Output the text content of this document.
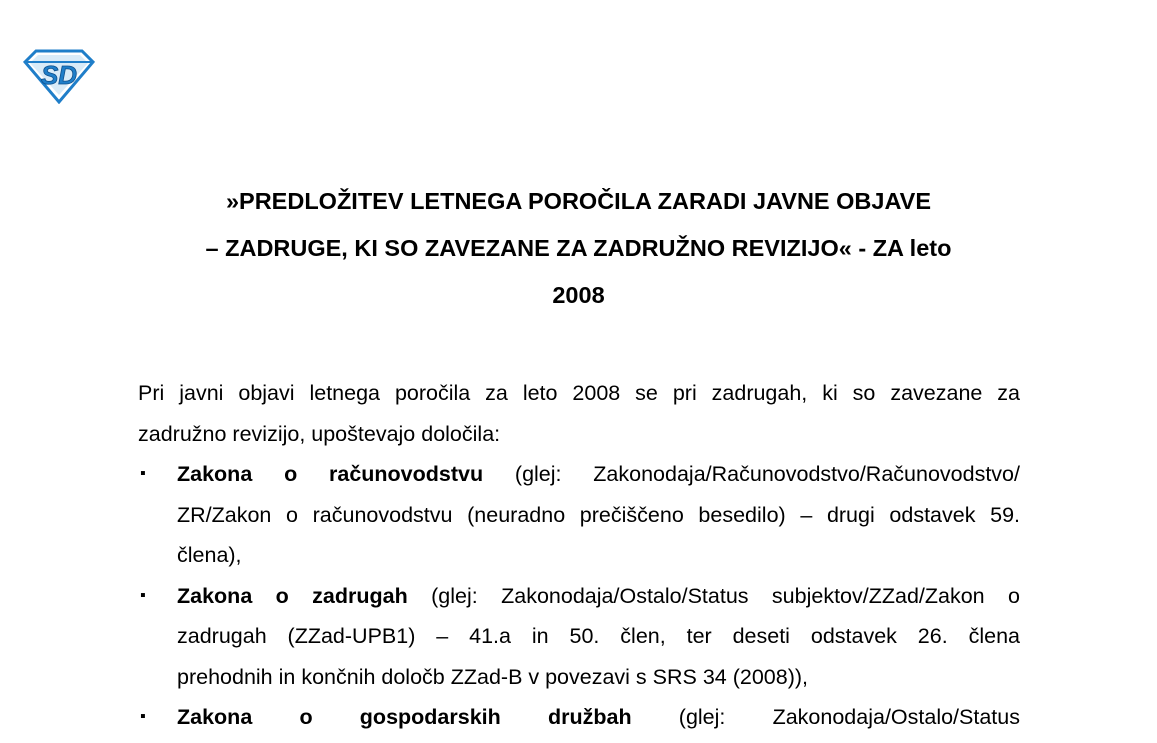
SD
»PREDLOŽITEV LETNEGA POROČILA ZARADI JAVNE OBJAVE
– ZADRUGE, KI SO ZAVEZANE ZA ZADRUŽNO REVIZIJO« - ZA leto
2008

Pri javni objavi letnega poročila za leto 2008 se pri zadrugah, ki so zavezane za
zadružno revizijo, upoštevajo določila:

▪ Zakona o računovodstvu (glej: Zakonodaja/Računovodstvo/Računovodstvo/
ZR/Zakon o računovodstvu (neuradno prečiščeno besedilo) – drugi odstavek 59.
člena),
▪ Zakona o zadrugah (glej: Zakonodaja/Ostalo/Status subjektov/ZZad/Zakon o
zadrugah (ZZad-UPB1) – 41.a in 50. člen, ter deseti odstavek 26. člena
prehodnih in končnih določb ZZad-B v povezavi s SRS 34 (2008)),
▪ Zakona o gospodarskih družbah (glej: Zakonodaja/Ostalo/Status
